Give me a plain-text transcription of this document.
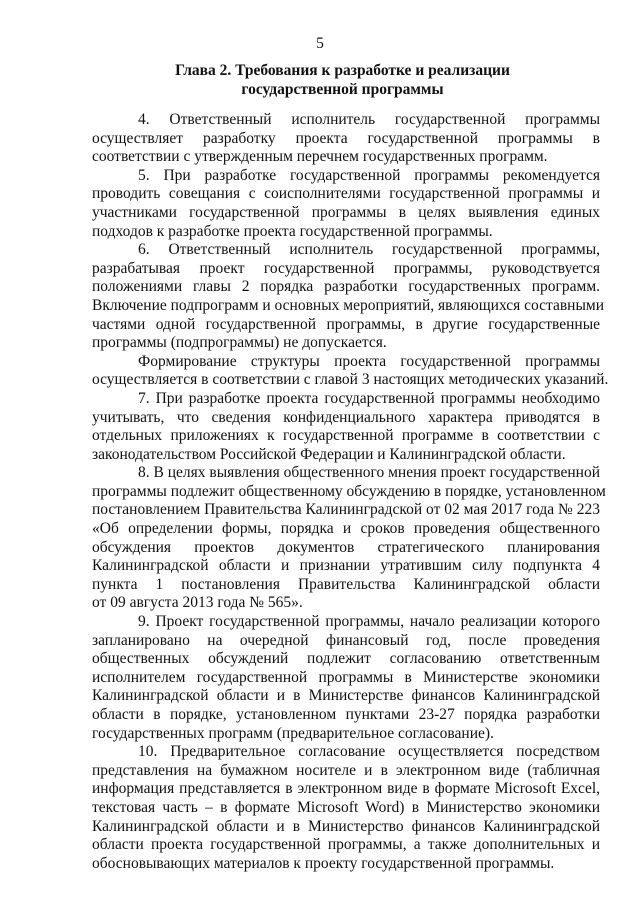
5
Глава 2. Требования к разработке и реализации
государственной программы
4. Ответственный исполнитель государственной программы
осуществляет разработку проекта государственной программы в
соответствии с утвержденным перечнем государственных программ.
5. При разработке государственной программы рекомендуется
проводить совещания с соисполнителями государственной программы и
участниками государственной программы в целях выявления единых
подходов к разработке проекта государственной программы.
6. Ответственный исполнитель государственной программы,
разрабатывая проект государственной программы, руководствуется
положениями главы 2 порядка разработки государственных программ.
Включение подпрограмм и основных мероприятий, являющихся составными
частями одной государственной программы, в другие государственные
программы (подпрограммы) не допускается.
Формирование структуры проекта государственной программы
осуществляется в соответствии с главой 3 настоящих методических указаний.
7. При разработке проекта государственной программы необходимо
учитывать, что сведения конфиденциального характера приводятся в
отдельных приложениях к государственной программе в соответствии с
законодательством Российской Федерации и Калининградской области.
8. В целях выявления общественного мнения проект государственной
программы подлежит общественному обсуждению в порядке, установленном
постановлением Правительства Калининградской от 02 мая 2017 года № 223
«Об определении формы, порядка и сроков проведения общественного
обсуждения проектов документов стратегического планирования
Калининградской области и признании утратившим силу подпункта 4
пункта 1 постановления Правительства Калининградской области
от 09 августа 2013 года № 565».
9. Проект государственной программы, начало реализации которого
запланировано на очередной финансовый год, после проведения
общественных обсуждений подлежит согласованию ответственным
исполнителем государственной программы в Министерстве экономики
Калининградской области и в Министерстве финансов Калининградской
области в порядке, установленном пунктами 23-27 порядка разработки
государственных программ (предварительное согласование).
10. Предварительное согласование осуществляется посредством
представления на бумажном носителе и в электронном виде (табличная
информация представляется в электронном виде в формате Microsoft Excel,
текстовая часть – в формате Microsoft Word) в Министерство экономики
Калининградской области и в Министерство финансов Калининградской
области проекта государственной программы, а также дополнительных и
обосновывающих материалов к проекту государственной программы.
